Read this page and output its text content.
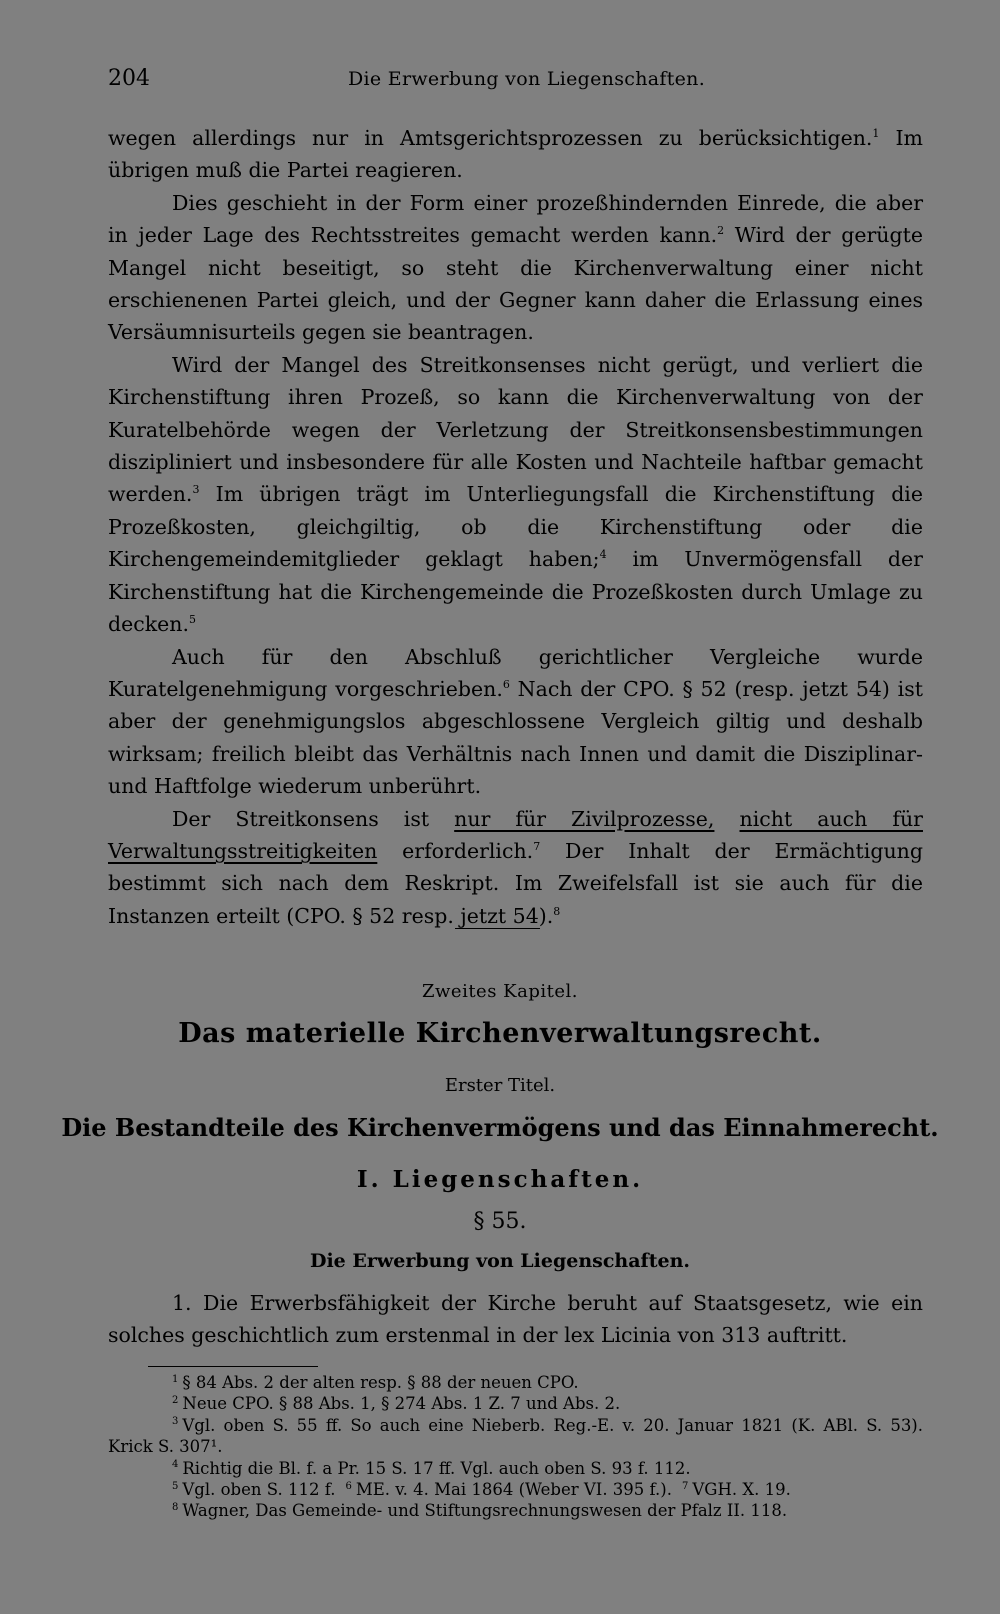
204	Die Erwerbung von Liegenschaften.

wegen allerdings nur in Amtsgerichtsprozessen zu berücksichtigen.$^1$ Im übrigen muß die Partei reagieren.

Dies geschieht in der Form einer prozeßhindernden Einrede, die aber in jeder Lage des Rechtsstreites gemacht werden kann.$^2$ Wird der gerügte Mangel nicht beseitigt, so steht die Kirchenverwaltung einer nicht erschienenen Partei gleich, und der Gegner kann daher die Erlassung eines Versäumnisurteils gegen sie beantragen.

Wird der Mangel des Streitkonsenses nicht gerügt, und verliert die Kirchenstiftung ihren Prozeß, so kann die Kirchenverwaltung von der Kuratelbehörde wegen der Verletzung der Streitkonsensbestimmungen diszipliniert und insbesondere für alle Kosten und Nachteile haftbar gemacht werden.$^3$ Im übrigen trägt im Unterliegungsfall die Kirchenstiftung die Prozeßkosten, gleichgiltig, ob die Kirchenstiftung oder die Kirchengemeindemitglieder geklagt haben;$^4$ im Unvermögensfall der Kirchenstiftung hat die Kirchengemeinde die Prozeßkosten durch Umlage zu decken.$^5$

Auch für den Abschluß gerichtlicher Vergleiche wurde Kuratelgenehmigung vorgeschrieben.$^6$ Nach der CPO. § 52 (resp. jetzt 54) ist aber der genehmigungslos abgeschlossene Vergleich giltig und deshalb wirksam; freilich bleibt das Verhältnis nach Innen und damit die Disziplinar- und Haftfolge wiederum unberührt.

Der Streitkonsens ist nur für Zivilprozesse, nicht auch für Verwaltungsstreitigkeiten erforderlich.$^7$ Der Inhalt der Ermächtigung bestimmt sich nach dem Reskript. Im Zweifelsfall ist sie auch für die Instanzen erteilt (CPO. § 52 resp. jetzt 54).$^8$

Zweites Kapitel.
Das materielle Kirchenverwaltungsrecht.
Erster Titel.
Die Bestandteile des Kirchenvermögens und das Einnahmerecht.
I. Liegenschaften.
§ 55.
Die Erwerbung von Liegenschaften.

1. Die Erwerbsfähigkeit der Kirche beruht auf Staatsgesetz, wie ein solches geschichtlich zum erstenmal in der lex Licinia von 313 auftritt.

$^1$ § 84 Abs. 2 der alten resp. § 88 der neuen CPO.

$^2$ Neue CPO. § 88 Abs. 1, § 274 Abs. 1 Z. 7 und Abs. 2.

$^3$ Vgl. oben S. 55 ff. So auch eine Nieberb. Reg.-E. v. 20. Januar 1821 (K. ABl. S. 53). Krick S. 307¹.

$^4$ Richtig die Bl. f. a Pr. 15 S. 17 ff. Vgl. auch oben S. 93 f. 112.

$^5$ Vgl. oben S. 112 f. $^6$ ME. v. 4. Mai 1864 (Weber VI. 395 f.). $^7$ VGH. X. 19.

$^8$ Wagner, Das Gemeinde- und Stiftungsrechnungswesen der Pfalz II. 118.
